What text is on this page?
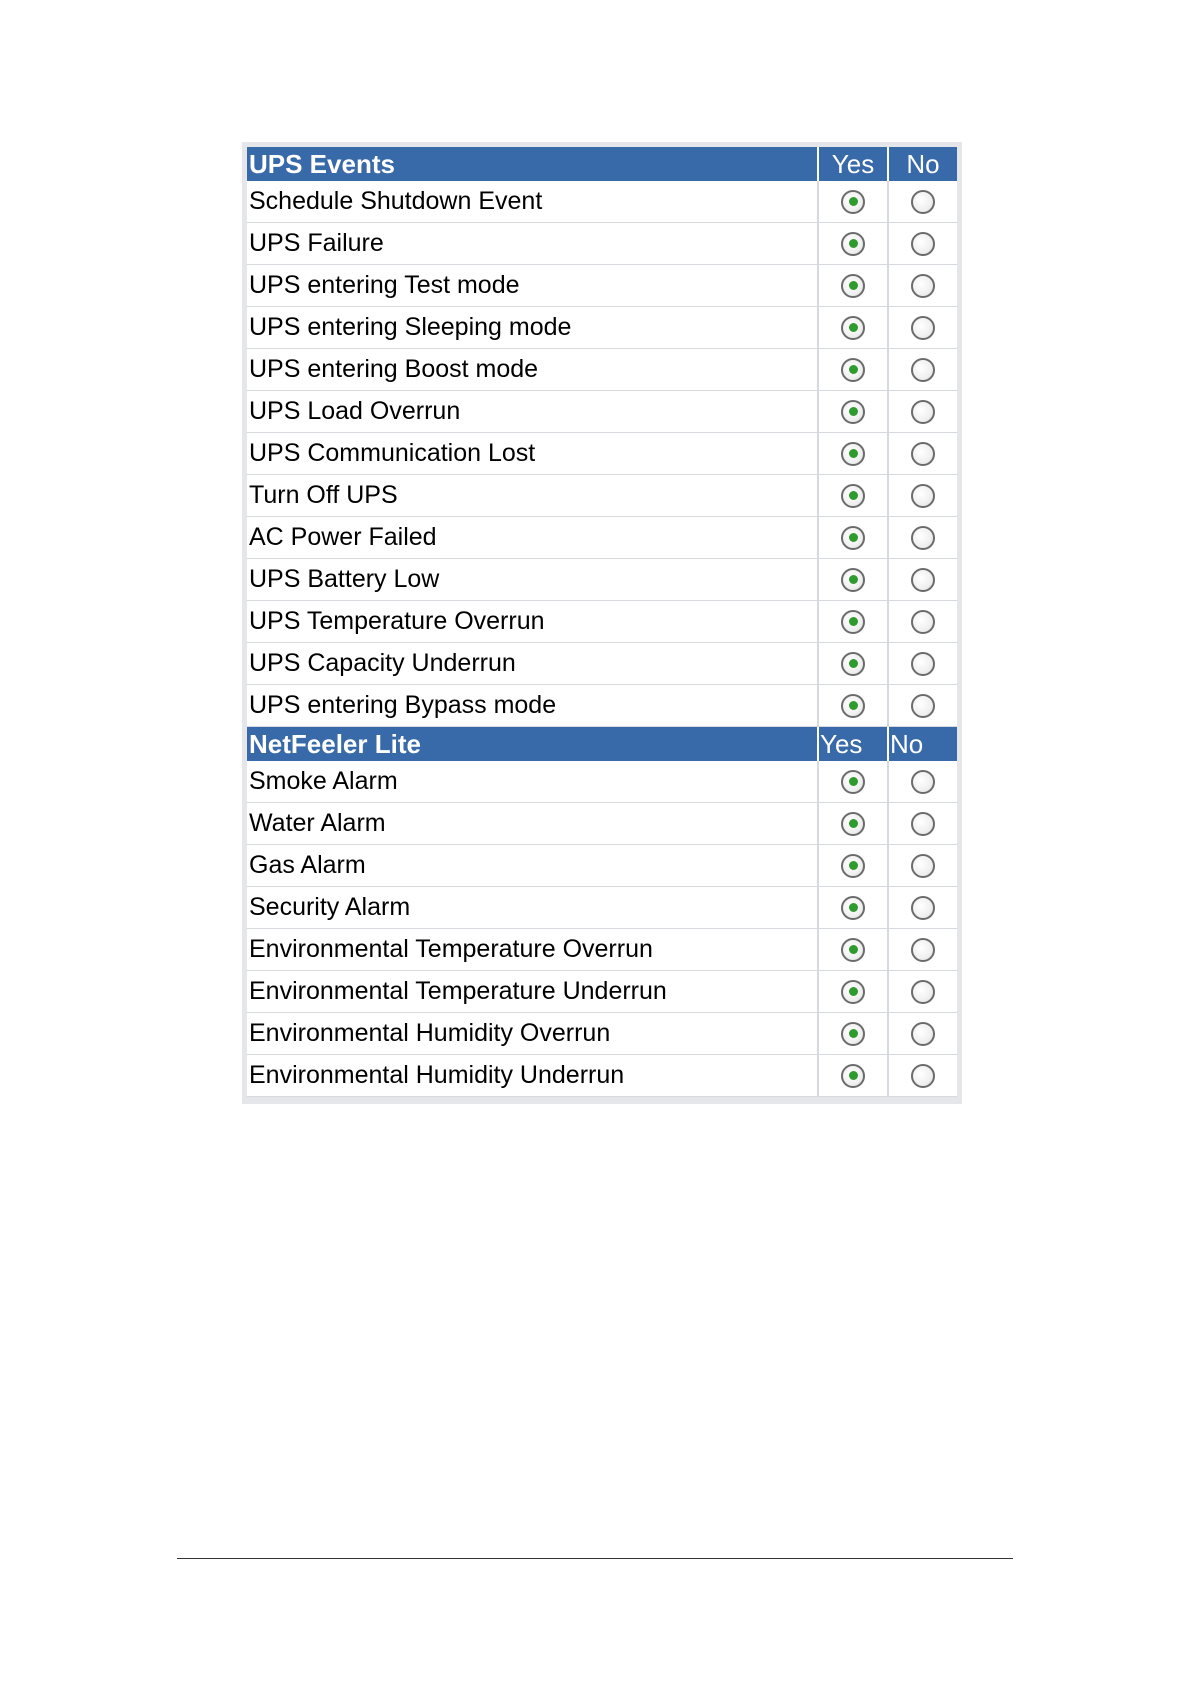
UPS Events	Yes	No
Schedule Shutdown Event
UPS Failure
UPS entering Test mode
UPS entering Sleeping mode
UPS entering Boost mode
UPS Load Overrun
UPS Communication Lost
Turn Off UPS
AC Power Failed
UPS Battery Low
UPS Temperature Overrun
UPS Capacity Underrun
UPS entering Bypass mode
NetFeeler Lite	Yes	No
Smoke Alarm
Water Alarm
Gas Alarm
Security Alarm
Environmental Temperature Overrun
Environmental Temperature Underrun
Environmental Humidity Overrun
Environmental Humidity Underrun
